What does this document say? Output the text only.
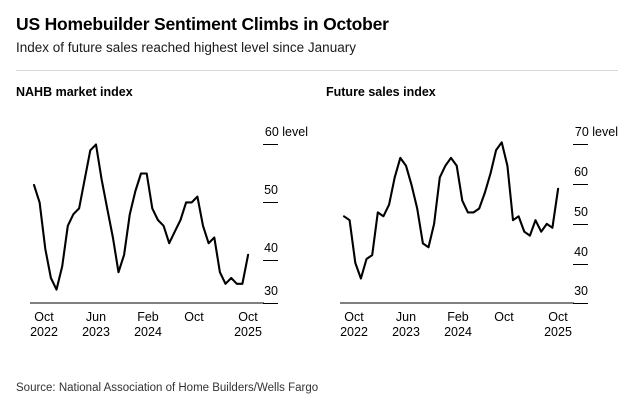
US Homebuilder Sentiment Climbs in October

Index of future sales reached highest level since January

NAHB market index
60 level
50
40
30
Oct
2022
Jun
2023
Feb
2024
Oct	Oct
2025
Future sales index
70 level
60
50
40
30
Oct
2022
Jun
2023
Feb
2024
Oct	Oct
2025
Source: National Association of Home Builders/Wells Fargo
